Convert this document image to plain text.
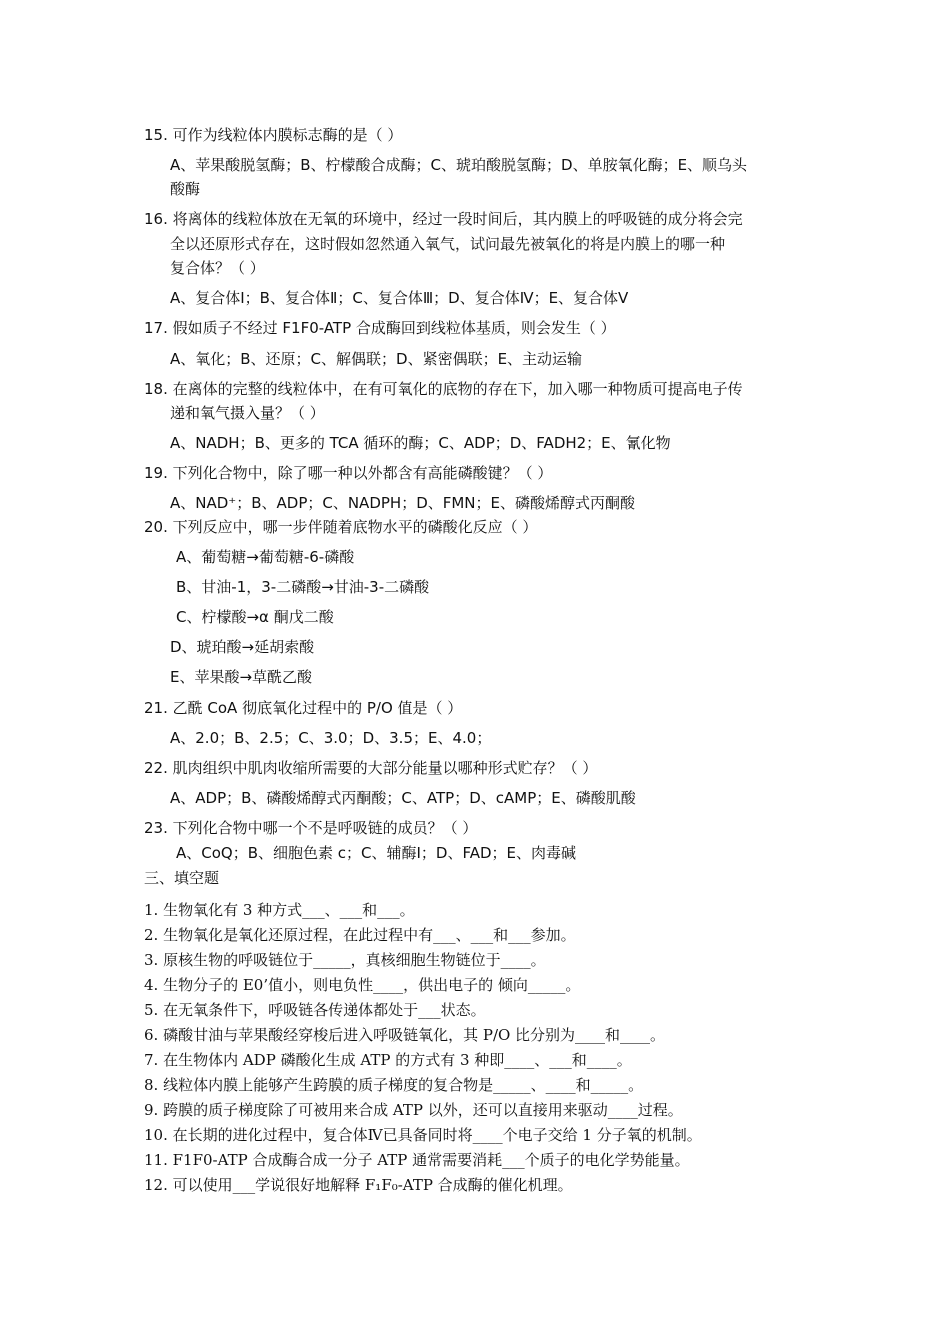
15. 可作为线粒体内膜标志酶的是（ ）
A、苹果酸脱氢酶；B、柠檬酸合成酶；C、琥珀酸脱氢酶；D、单胺氧化酶；E、顺乌头
酸酶
16. 将离体的线粒体放在无氧的环境中，经过一段时间后，其内膜上的呼吸链的成分将会完
全以还原形式存在，这时假如忽然通入氧气，试问最先被氧化的将是内膜上的哪一种
复合体？（ ）
A、复合体Ⅰ；B、复合体Ⅱ；C、复合体Ⅲ；D、复合体Ⅳ；E、复合体Ⅴ
17. 假如质子不经过 F1F0-ATP 合成酶回到线粒体基质，则会发生（ ）
A、氧化；B、还原；C、解偶联；D、紧密偶联；E、主动运输
18. 在离体的完整的线粒体中，在有可氧化的底物的存在下，加入哪一种物质可提高电子传
递和氧气摄入量？（ ）
A、NADH；B、更多的 TCA 循环的酶；C、ADP；D、FADH2；E、氰化物
19. 下列化合物中，除了哪一种以外都含有高能磷酸键？（ ）
A、NAD⁺；B、ADP；C、NADPH；D、FMN；E、磷酸烯醇式丙酮酸
20. 下列反应中，哪一步伴随着底物水平的磷酸化反应（ ）
A、葡萄糖→葡萄糖-6-磷酸
B、甘油-1，3-二磷酸→甘油-3-二磷酸
C、柠檬酸→α 酮戊二酸
D、琥珀酸→延胡索酸
E、苹果酸→草酰乙酸
21. 乙酰 CoA 彻底氧化过程中的 P/O 值是（ ）
A、2.0；B、2.5；C、3.0；D、3.5；E、4.0；
22. 肌肉组织中肌肉收缩所需要的大部分能量以哪种形式贮存？（ ）
A、ADP；B、磷酸烯醇式丙酮酸；C、ATP；D、cAMP；E、磷酸肌酸
23. 下列化合物中哪一个不是呼吸链的成员？（ ）
A、CoQ；B、细胞色素 c；C、辅酶Ⅰ；D、FAD；E、肉毒碱
三、填空题
1. 生物氧化有 3 种方式___、___和___。
2. 生物氧化是氧化还原过程，在此过程中有___、___和___参加。
3. 原核生物的呼吸链位于_____，真核细胞生物链位于____。
4. 生物分子的 E0’值小，则电负性____，供出电子的 倾向_____。
5. 在无氧条件下，呼吸链各传递体都处于___状态。
6. 磷酸甘油与苹果酸经穿梭后进入呼吸链氧化，其 P/O 比分别为____和____。
7. 在生物体内 ADP 磷酸化生成 ATP 的方式有 3 种即____、___和____。
8. 线粒体内膜上能够产生跨膜的质子梯度的复合物是_____、____和_____。
9. 跨膜的质子梯度除了可被用来合成 ATP 以外，还可以直接用来驱动____过程。
10. 在长期的进化过程中，复合体Ⅳ已具备同时将____个电子交给 1 分子氧的机制。
11. F1F0-ATP 合成酶合成一分子 ATP 通常需要消耗___个质子的电化学势能量。
12. 可以使用___学说很好地解释 F₁F₀-ATP 合成酶的催化机理。
